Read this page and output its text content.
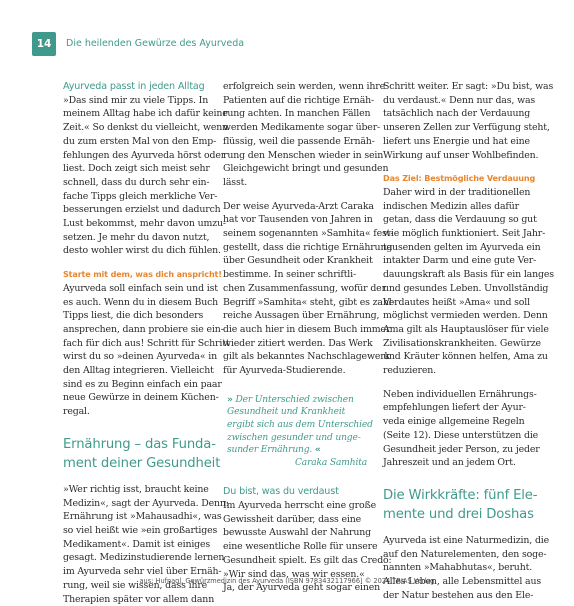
14	Die heilenden Gewürze des Ayurveda
Ayurveda passt in jeden Alltag
»Das sind mir zu viele Tipps. In
meinem Alltag habe ich dafür keine
Zeit.« So denkst du vielleicht, wenn
du zum ersten Mal von den Emp-
fehlungen des Ayurveda hörst oder
liest. Doch zeigt sich meist sehr
schnell, dass du durch sehr ein-
fache Tipps gleich merkliche Ver-
besserungen erzielst und dadurch
Lust bekommst, mehr davon umzu-
setzen. Je mehr du davon nutzt,
desto wohler wirst du dich fühlen.
Starte mit dem, was dich anspricht!
Ayurveda soll einfach sein und ist
es auch. Wenn du in diesem Buch
Tipps liest, die dich besonders
ansprechen, dann probiere sie ein-
fach für dich aus! Schritt für Schritt
wirst du so »deinen Ayurveda« in
den Alltag integrieren. Vielleicht
sind es zu Beginn einfach ein paar
neue Gewürze in deinem Küchen-
regal.
Ernährung – das Funda-
ment deiner Gesundheit
»Wer richtig isst, braucht keine
Medizin«, sagt der Ayurveda. Denn:
Ernährung ist »Mahausadhi«, was
so viel heißt wie »ein großartiges
Medikament«. Damit ist einiges
gesagt. Medizinstudierende lernen
im Ayurveda sehr viel über Ernäh-
rung, weil sie wissen, dass ihre
Therapien später vor allem dann
erfolgreich sein werden, wenn ihre
Patienten auf die richtige Ernäh-
rung achten. In manchen Fällen
werden Medikamente sogar über-
flüssig, weil die passende Ernäh-
rung den Menschen wieder in sein
Gleichgewicht bringt und gesunden
lässt.
Der weise Ayurveda-Arzt Caraka
hat vor Tausenden von Jahren in
seinem sogenannten »Samhita« fest-
gestellt, dass die richtige Ernährung
über Gesundheit oder Krankheit
bestimme. In seiner schriftli-
chen Zusammenfassung, wofür der
Begriff »Samhita« steht, gibt es zahl-
reiche Aussagen über Ernährung,
die auch hier in diesem Buch immer
wieder zitiert werden. Das Werk
gilt als bekanntes Nachschlagewerk
für Ayurveda-Studierende.
» Der Unterschied zwischen
Gesundheit und Krankheit
ergibt sich aus dem Unterschied
zwischen gesunder und unge-
sunder Ernährung. «
Caraka Samhita
Du bist, was du verdaust
Im Ayurveda herrscht eine große
Gewissheit darüber, dass eine
bewusste Auswahl der Nahrung
eine wesentliche Rolle für unsere
Gesundheit spielt. Es gilt das Credo:
»Wir sind das, was wir essen.«
Ja, der Ayurveda geht sogar einen
Schritt weiter. Er sagt: »Du bist, was
du verdaust.« Denn nur das, was
tatsächlich nach der Verdauung
unseren Zellen zur Verfügung steht,
liefert uns Energie und hat eine
Wirkung auf unser Wohlbefinden.
Das Ziel: Bestmögliche Verdauung
Daher wird in der traditionellen
indischen Medizin alles dafür
getan, dass die Verdauung so gut
wie möglich funktioniert. Seit Jahr-
tausenden gelten im Ayurveda ein
intakter Darm und eine gute Ver-
dauungskraft als Basis für ein langes
und gesundes Leben. Unvollständig
Verdautes heißt »Ama« und soll
möglichst vermieden werden. Denn
Ama gilt als Hauptauslöser für viele
Zivilisationskrankheiten. Gewürze
und Kräuter können helfen, Ama zu
reduzieren.
Neben individuellen Ernährungs-
empfehlungen liefert der Ayur-
veda einige allgemeine Regeln
(Seite 12). Diese unterstützen die
Gesundheit jeder Person, zu jeder
Jahreszeit und an jedem Ort.
Die Wirkkräfte: fünf Ele-
mente und drei Doshas
Ayurveda ist eine Naturmedizin, die
auf den Naturelementen, den soge-
nannten »Mahabhutas«, beruht.
Alles Leben, alle Lebensmittel aus
der Natur bestehen aus den Ele-
aus: Hufnagl, Gewürzmedizin des Ayurveda (ISBN 9783432117966) © 2024 TRIAS Verlag
